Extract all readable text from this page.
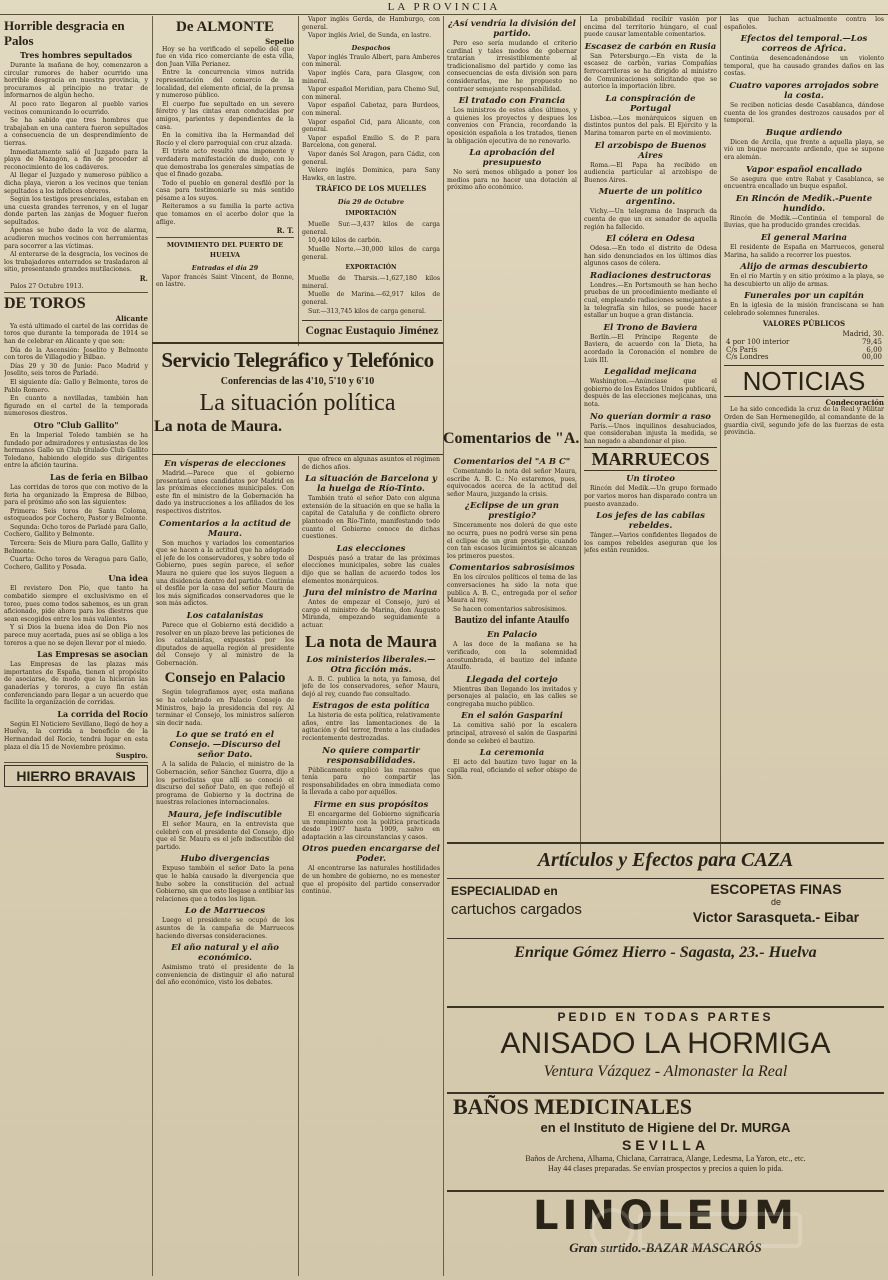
LA PROVINCIA
Horrible desgracia en Palos
Tres hombres sepultados

Durante la mañana de hoy, comenzaron a circular rumores de haber ocurrido una horrible desgracia en nuestra provincia, y procuramos al principio no tratar de informarnos de algún hecho.

Al poco rato llegaron al pueblo varios vecinos comunicando lo ocurrido.

Se ha sabido que tres hombres que trabajaban en una cantera fueron sepultados a consecuencia de un desprendimiento de tierras.

Inmediatamente salió el Juzgado para la playa de Mazagón, a fin de proceder al reconocimiento de los cadáveres.

Al llegar el Juzgado y numeroso público a dicha playa, vieron a los vecinos que tenían sepultados a los infelices obreros.

Según los testigos presenciales, estaban en una cuesta grandes terrenos, y en el lugar donde parten las zanjas de Moguer fueron sepultados.

Apenas se hubo dado la voz de alarma, acudieron muchos vecinos con herramientas para socorrer a las víctimas.

Al enterarse de la desgracia, los vecinos de los trabajadores enterrados se trasladaron al sitio, presentando grandes mutilaciones.

R.

Palos 27 Octubre 1913.

DE TOROS
Alicante

Ya está ultimado el cartel de las corridas de toros que durante la temporada de 1914 se han de celebrar en Alicante y que son:

Día de la Ascensión: Joselito y Belmonte con toros de Villagodio y Bilbao.

Días 29 y 30 de Junio: Paco Madrid y Joselito, seis toros de Parladé.

El siguiente día: Gallo y Belmonte, toros de Pablo Romero.

En cuanto a novilladas, también han figurado en el cartel de la temporada numerosos diestros.

Otro "Club Gallito"

En la Imperial Toledo también se ha fundado por admiradores y entusiastas de los hermanos Gallo un Club titulado Club Gallito Toledano, habiendo elegido sus dirigentes entre la afición taurina.

Las de feria en Bilbao

Las corridas de toros que con motivo de la feria ha organizado la Empresa de Bilbao, para el próximo año son las siguientes:

Primera: Seis toros de Santa Coloma, estoqueados por Cochero, Pastor y Belmonte.

Segunda: Ocho toros de Parladé para Gallo, Cochero, Gallito y Belmonte.

Tercera: Seis de Miura para Gallo, Gallito y Belmonte.

Cuarta: Ocho toros de Veragua para Gallo, Cochero, Gallito y Posada.

Una idea

El revistero Don Pío, que tanto ha combatido siempre el exclusivismo en el toreo, pues como todos sabemos, es un gran aficionado, pide ahora para los diestros que sean escogidos entre los más valientes.

Y si Dios la buena idea de Don Pío nos parece muy acertada, pues así se obliga a los toreros a que no se dejen llevar por el miedo.

Las Empresas se asocian

Las Empresas de las plazas más importantes de España, tienen el propósito de asociarse, de modo que la hicieran las ganaderías y toreros, a cuyo fin están conferenciando para llegar a un acuerdo que facilite la organización de corridas.

La corrida del Rocío

Según El Noticiero Sevillano, llegó de hoy a Huelva, la corrida a beneficio de la Hermandad del Rocío, tendrá lugar en esta plaza el día 15 de Noviembre próximo.

Suspiro.
HIERRO BRAVAIS
De ALMONTE
Sepelio

Hoy se ha verificado el sepelio del que fue en vida rico comerciante de esta villa, don Juan Villa Perianez.

Entre la concurrencia vimos nutrida representación del comercio de la localidad, del elemento oficial, de la prensa y numeroso público.

El cuerpo fue sepultado en un severo féretro y las cintas eran conducidas por amigos, parientes y dependientes de la casa.

En la comitiva iba la Hermandad del Rocío y el clero parroquial con cruz alzada.

El triste acto resultó una imponente y verdadera manifestación de duelo, con lo que demostraba los generales simpatías de que el finado gozaba.

Todo el pueblo en general desfiló por la casa para testimoniarle su más sentido pésame a los suyos.

Reiteramos a su familia la parte activa que tomamos en el acerbo dolor que la aflige.

R. T.
MOVIMIENTO DEL PUERTO DE HUELVA
Entradas el día 29

Vapor francés Saint Vincent, de Bonne, en lastre.

Vapor inglés Gerda, de Hamburgo, con general.

Vapor inglés Aviel, de Sunda, en lastre.

Despachos

Vapor inglés Traulo Albert, para Amberes con mineral.

Vapor inglés Cara, para Glasgow, con mineral.

Vapor español Meridian, para Chemo Sul, con mineral.

Vapor español Cabotaz, para Burdeos, con mineral.

Vapor español Cid, para Alicante, con general.

Vapor español Emilio S. de P. para Barcelona, con general.

Vapor danés Sol Aragon, para Cádiz, con general.

Velero inglés Dominica, para Sany Hawks, en lastre.

TRÁFICO DE LOS MUELLES
Día 29 de Octubre
IMPORTACIÓN

Muelle Sur.—3,437 kilos de carga general.

10,440 kilos de carbón.

Muelle Norte.—30,000 kilos de carga general.

EXPORTACIÓN

Muelle de Tharsis.—1,627,180 kilos mineral.

Muelle de Marina.—62,917 kilos de general.

Sur.—313,745 kilos de carga general.

Cognac Eustaquio Jiménez
Servicio Telegráfico y Telefónico
Conferencias de las 4'10, 5'10 y 6'10
La situación política
La nota de Maura.
Comentarios de "A.
En vísperas de elecciones

Madrid.—Parece que el gobierno presentará unos candidatos por Madrid en las próximas elecciones municipales. Con este fin el ministro de la Gobernación ha dado ya instrucciones a los afiliados de los respectivos distritos.

Comentarios a la actitud de Maura.

Son muchos y variados los comentarios que se hacen a la actitud que ha adoptado el jefe de los conservadores, y sobre todo el Gobierno, pues según parece, el señor Maura no quiere que los suyos lleguen a una disidencia dentro del partido. Continúa el desfile por la casa del señor Maura de los más significados conservadores que le son más adictos.

Los catalanistas

Parece que el Gobierno está decidido a resolver en un plazo breve las peticiones de los catalanistas, expuestas por los diputados de aquella región al presidente del Consejo y al ministro de la Gobernación.

Consejo en Palacio

Según telegrafiamos ayer, esta mañana se ha celebrado en Palacio Consejo de Ministros, bajo la presidencia del rey. Al terminar el Consejo, los ministros salieron sin decir nada.

Lo que se trató en el Consejo. —Discurso del señor Dato.

A la salida de Palacio, el ministro de la Gobernación, señor Sánchez Guerra, dijo a los periodistas que allí se conoció el discurso del señor Dato, en que reflejó el programa de Gobierno y la doctrina de nuestras relaciones internacionales.

Maura, jefe indiscutible

El señor Maura, en la entrevista que celebró con el presidente del Consejo, dijo que el Sr. Maura es el jefe indiscutible del partido.

Hubo divergencias

Expuso también el señor Dato la pena que le había causado la divergencia que hubo sobre la constitución del actual Gobierno, sin que esto llegase a entibiar las relaciones que a todos los ligan.

Lo de Marruecos

Luego el presidente se ocupó de los asuntos de la campaña de Marruecos haciendo diversas consideraciones.

El año natural y el año económico.

Asimismo trató el presidente de la conveniencia de distinguir el año natural del año económico, visto los debates.

que ofrece en algunas asuntos el régimen de dichos años.

La situación de Barcelona y la huelga de Río-Tinto.

También trató el señor Dato con alguna extensión de la situación en que se halla la capital de Cataluña y de conflicto obrero planteado en Río-Tinto, manifestando todo cuanto el Gobierno conoce de dichas cuestiones.

Las elecciones

Después pasó a tratar de las próximas elecciones municipales, sobre las cuales dijo que se hallan de acuerdo todos los elementos monárquicos.

Jura del ministro de Marina

Antes de empezar el Consejo, juró el cargo el ministro de Marina, don Augusto Miranda, empezando seguidamente a actuar.

La nota de Maura
Los ministerios liberales.—Otra ficción más.

A. B. C. publica la nota, ya famosa, del jefe de los conservadores, señor Maura, dejó al rey, cuando fue consultado.

Estragos de esta política

La historia de esta política, relativamente años, entre las lamentaciones de la agitación y del terror, frente a las ciudades recientemente destrozadas.

No quiere compartir responsabilidades.

Públicamente explicó las razones que tenía para no compartir las responsabilidades en obra inmediata como la llevada a cabo por aquéllos.

Firme en sus propósitos

El encargarme del Gobierno significaría un rompimiento con la política practicada desde 1907 hasta 1909, salvo en adaptación a las circunstancias y casos.

Otros pueden encargarse del Poder.

Al encontrarse las naturales hostilidades de un hombre de gobierno, no es menester que el propósito del partido conservador continúe.

¿Así vendría la división del partido.

Pero eso sería mudando el criterio cardinal y tales modos de gobernar tratarían irresistiblemente al tradicionalismo del partido y como las consecuencias de esta división son para considerarlas, me he propuesto no contraer semejante responsabilidad.

El tratado con Francia

Los ministros de estos años últimos, y a quienes los proyectos y despues los convenios con Francia, recordando la oposición española a los tratados, tienen la obligación ejecutiva de no renovarlo.

La aprobación del presupuesto

No será menos obligado a poner los medios para no hacer una dotación al próximo año económico.

Comentarios del "A B C"

Comentando la nota del señor Maura, escribe A. B. C.: No estaremos, pues, equivocados acerca de la actitud del señor Maura, juzgando la crisis.

¿Eclipse de un gran prestigio?

Sinceramente nos dolerá de que este no ocurra, pues no podrá verse sin pena el eclipse de un gran prestigio, cuando con tan escasos lucimientos se alcanzan los primeros puestos.

Comentarios sabrosísimos

En los círculos políticos el tema de las conversaciones ha sido la nota que publica A. B. C., entregada por el señor Maura al rey.

Se hacen comentarios sabrosísimos.

Bautizo del infante Ataulfo
En Palacio

A las doce de la mañana se ha verificado, con la solemnidad acostumbrada, el bautizo del infante Ataulfo.

Llegada del cortejo

Mientras iban llegando los invitados y personajes al palacio, en las calles se congregaba mucho público.

En el salón Gasparini

La comitiva salió por la escalera principal, atravesó el salón de Gasparini donde se celebró el bautizo.

La ceremonia

El acto del bautizo tuvo lugar en la capilla real, oficiando el señor obispo de Sión.

La probabilidad recibir vasión por encima del territorio húngaro, el cual puede causar lamentable comentarios.

Escasez de carbón en Rusia

San Petersburgo.—En vista de la escasez de carbón, varias Compañías ferrocarrileras se ha dirigido al ministro de Comunicaciones solicitando que se autorice la importación libre.

La conspiración de Portugal

Lisboa.—Los monárquicos siguen en distintos puntos del país. El Ejército y la Marina tomaron parte en el movimiento.

El arzobispo de Buenos Aires

Roma.—El Papa ha recibido en audiencia particular al arzobispo de Buenos Aires.

Muerte de un político argentino.

Vichy.—Un telegrama de Inspruch da cuenta de que un ex senador de aquella región ha fallecido.

El cólera en Odesa

Odesa.—En todo el distrito de Odesa han sido denunciados en los últimos días algunos casos de cólera.

Radiaciones destructoras

Londres.—En Portsmouth se han hecho pruebas de un procedimiento mediante el cual, empleando radiaciones semejantes a la telegrafía sin hilos, se puede hacer estallar un buque a gran distancia.

El Trono de Baviera

Berlín.—El Príncipe Regente de Baviera, de acuerdo con la Dieta, ha acordado la Coronación el nombre de Luis III.

Legalidad mejicana

Washington.—Anúnciase que el gobierno de los Estados Unidos publicará, después de las elecciones mejicanas, una nota.

No querían dormir a raso

París.—Unos inquilinos desahuciados, que consideraban injusta la medida, se han negado a abandonar el piso.

MARRUECOS
Un tiroteo

Rincón del Medik.—Un grupo formado por varios moros han disparado contra un puesto avanzado.

Los jefes de las cabilas rebeldes.

Tánger.—Varios confidentes llegados de los campos rebeldes aseguran que los jefes están reunidos.

las que luchan actualmente contra los españoles.

Efectos del temporal.—Los correos de Africa.

Continúa desencadenándose un violento temporal, que ha causado grandes daños en las costas.

Cuatro vapores arrojados sobre la costa.

Se reciben noticias desde Casablanca, dándose cuenta de los grandes destrozos causados por el temporal.

Buque ardiendo

Dicen de Arcila, que frente a aquella playa, se vió un buque mercante ardiendo, que se supone era alemán.

Vapor español encallado

Se asegura que entre Rabat y Casablanca, se encuentra encallado un buque español.

En Rincón de Medik.-Puente hundido.

Rincón de Medik.—Continúa el temporal de lluvias, que ha producido grandes crecidas.

El general Marina

El residente de España en Marruecos, general Marina, ha salido a recorrer los puestos.

Alijo de armas descubierto

En el río Martín y en sitio próximo a la playa, se ha descubierto un alijo de armas.

Funerales por un capitán

En la iglesia de la misión franciscana se han celebrado solemnes funerales.

VALORES PÚBLICOS
Madrid, 30.
4 por 100 interior	79,45
C/s París	6,00
C/s Londres	00,00
NOTICIAS
Condecoración

Le ha sido concedida la cruz de la Real y Militar Orden de San Hermenegildo, al comandante de la guardia civil, segundo jefe de las fuerzas de esta provincia.

Artículos y Efectos para CAZA
ESPECIALIDAD en
cartuchos cargados
ESCOPETAS FINAS
de
Victor Sarasqueta.- Eibar
Enrique Gómez Hierro - Sagasta, 23.- Huelva
PEDID EN TODAS PARTES
ANISADO LA HORMIGA
Ventura Vázquez - Almonaster la Real
BAÑOS MEDICINALES
en el Instituto de Higiene del Dr. MURGA
SEVILLA
Baños de Archena, Alhama, Chiclana, Carratraca, Alange, Ledesma, La Yaron, etc., etc.
Hay 44 clases preparadas. Se envían prospectos y precios a quien lo pida.
LINOLEUM
Gran surtido.-BAZAR MASCARÓS
